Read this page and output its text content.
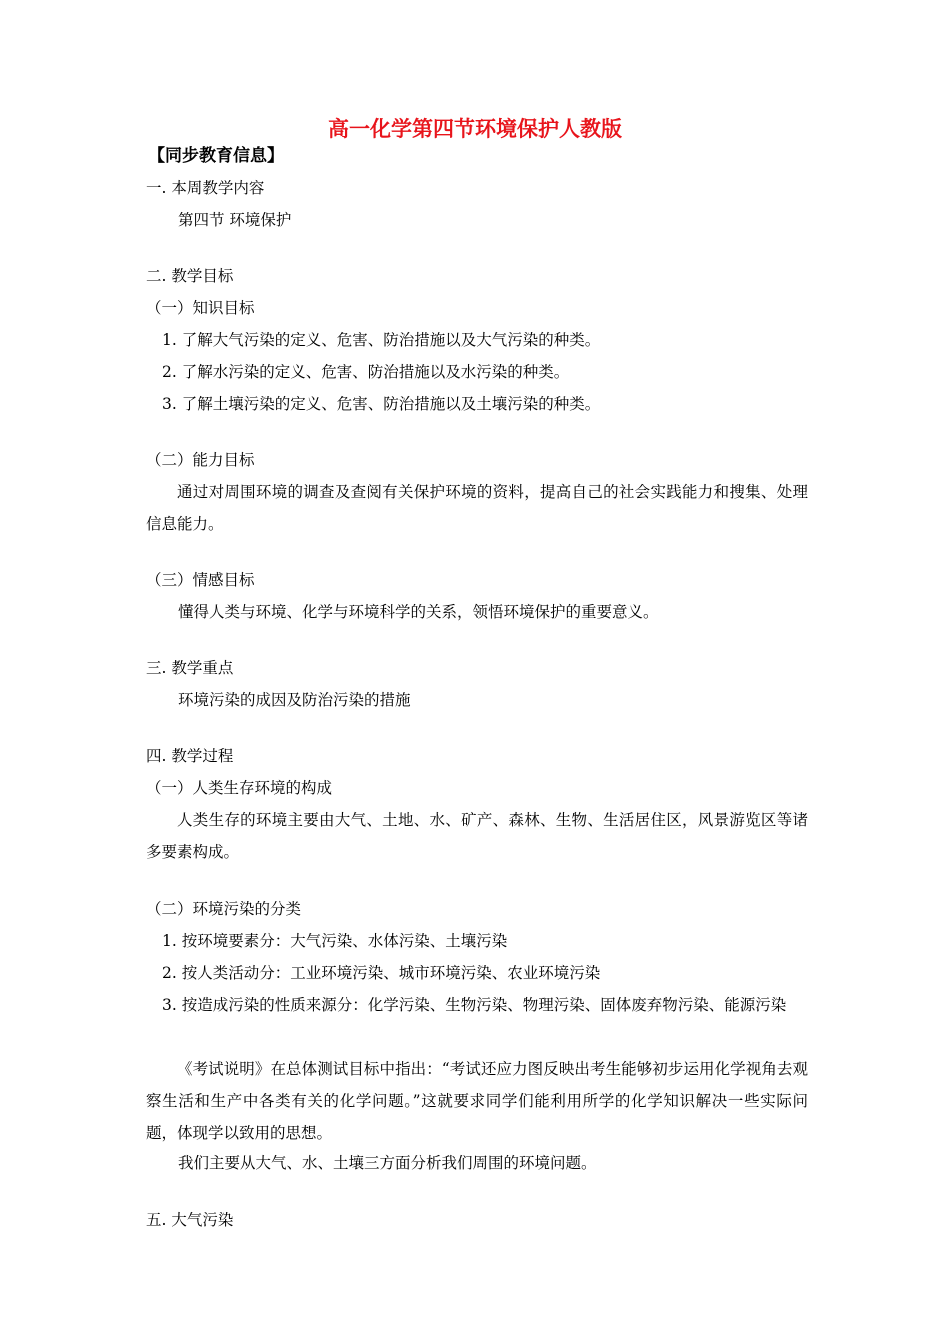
高一化学第四节环境保护人教版
【同步教育信息】
一. 本周教学内容
第四节 环境保护
二. 教学目标
（一）知识目标
1. 了解大气污染的定义、危害、防治措施以及大气污染的种类。
2. 了解水污染的定义、危害、防治措施以及水污染的种类。
3. 了解土壤污染的定义、危害、防治措施以及土壤污染的种类。
（二）能力目标
通过对周围环境的调查及查阅有关保护环境的资料，提高自己的社会实践能力和搜集、处理信息能力。
（三）情感目标
懂得人类与环境、化学与环境科学的关系，领悟环境保护的重要意义。
三. 教学重点
环境污染的成因及防治污染的措施
四. 教学过程
（一）人类生存环境的构成
人类生存的环境主要由大气、土地、水、矿产、森林、生物、生活居住区，风景游览区等诸多要素构成。
（二）环境污染的分类
1. 按环境要素分：大气污染、水体污染、土壤污染
2. 按人类活动分：工业环境污染、城市环境污染、农业环境污染
3. 按造成污染的性质来源分：化学污染、生物污染、物理污染、固体废弃物污染、能源污染
《考试说明》在总体测试目标中指出：“考试还应力图反映出考生能够初步运用化学视角去观察生活和生产中各类有关的化学问题。”这就要求同学们能利用所学的化学知识解决一些实际问题，体现学以致用的思想。
我们主要从大气、水、土壤三方面分析我们周围的环境问题。
五. 大气污染
